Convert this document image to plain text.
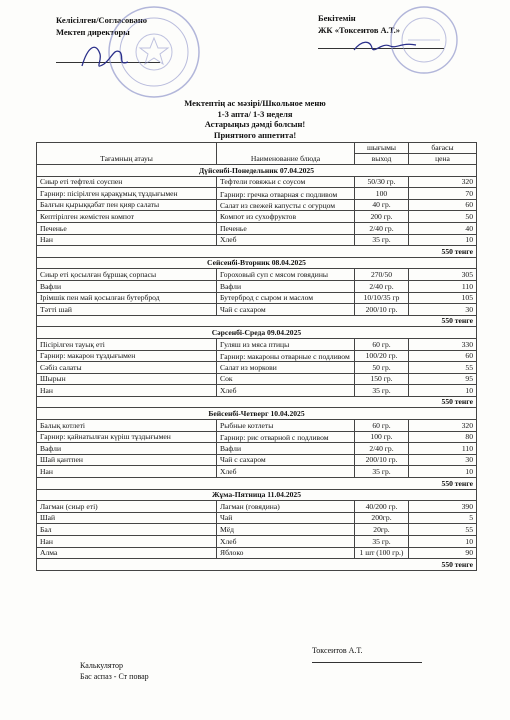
Келісілген/Согласовано
Мектеп директоры
Бекітемін
ЖК «Токсеитов А.Т.»
Мектептің ас мәзірі/Школьное меню
1-3 апта/ 1-3 неделя
Астарыңыз дәмді болсын!
Приятного аппетита!
Тағамның атауы	Наименование блюда	шығымы	бағасы
		выход	цена
Дүйсенбі-Понедельник 07.04.2025			
Сиыр еті тефтелі соуспен	Тефтели говяжьи с соусом	50/30 гр.	320
Гарнир: пісірілген қарақұмық тұздығымен	Гарнир: гречка отварная с подливом	100	70
Балғын қырыққабат пен қияр салаты	Салат из свежей капусты с огурцом	40 гр.	60
Кептірілген жемістен компот	Компот из сухофруктов	200 гр.	50
Печенье	Печенье	2/40 гр.	40
Нан	Хлеб	35 гр.	10
550 тенге			
Сейсенбі-Вторник 08.04.2025			
Сиыр еті қосылған бұршақ сорпасы	Гороховый суп с мясом говядины	270/50	305
Вафли	Вафли	2/40 гр.	110
Ірімшік пен май қосылған бутерброд	Бутерброд с сыром и маслом	10/10/35 гр	105
Тәтті шай	Чай с сахаром	200/10 гр.	30
550 тенге			
Сәрсенбі-Среда 09.04.2025			
Пісірілген тауық еті	Гуляш из мяса птицы	60 гр.	330
Гарнир: макарон тұздығымен	Гарнир: макароны отварные с подливом	100/20 гр.	60
Сәбіз салаты	Салат из моркови	50 гр.	55
Шырын	Сок	150 гр.	95
Нан	Хлеб	35 гр.	10
550 тенге			
Бейсенбі-Четверг 10.04.2025			
Балық котлеті	Рыбные котлеты	60 гр.	320
Гарнир: қайнатылған күріш тұздығымен	Гарнир: рис отварной с подливом	100 гр.	80
Вафли	Вафли	2/40 гр.	110
Шай қантпен	Чай с сахаром	200/10 гр.	30
Нан	Хлеб	35 гр.	10
550 тенге			
Жұма-Пятница 11.04.2025			
Лагман (сиыр еті)	Лагман (говядина)	40/200 гр.	390
Шай	Чай	200гр.	5
Бал	Мёд	20гр.	55
Нан	Хлеб	35 гр.	10
Алма	Яблоко	1 шт (100 гр.)	90
550 тенге			
Калькулятор
Бас аспаз - Ст повар
Токсеитов А.Т.
